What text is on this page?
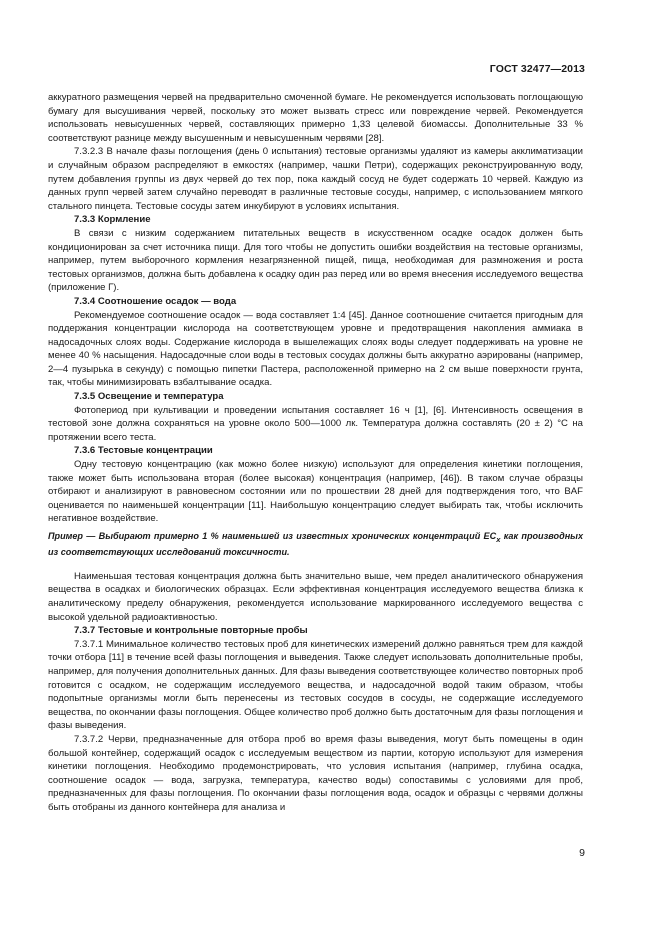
ГОСТ 32477—2013

аккуратного размещения червей на предварительно смоченной бумаге. Не рекомендуется использовать поглощающую бумагу для высушивания червей, поскольку это может вызвать стресс или повреждение червей. Рекомендуется использовать невысушенных червей, составляющих примерно 1,33 целевой биомассы. Дополнительные 33 % соответствуют разнице между высушенным и невысушенным червями [28].

7.3.2.3 В начале фазы поглощения (день 0 испытания) тестовые организмы удаляют из камеры акклиматизации и случайным образом распределяют в емкостях (например, чашки Петри), содержащих реконструированную воду, путем добавления группы из двух червей до тех пор, пока каждый сосуд не будет содержать 10 червей. Каждую из данных групп червей затем случайно переводят в различные тестовые сосуды, например, с использованием мягкого стального пинцета. Тестовые сосуды затем инкубируют в условиях испытания.

7.3.3 Кормление

В связи с низким содержанием питательных веществ в искусственном осадке осадок должен быть кондиционирован за счет источника пищи. Для того чтобы не допустить ошибки воздействия на тестовые организмы, например, путем выборочного кормления незагрязненной пищей, пища, необходимая для размножения и роста тестовых организмов, должна быть добавлена к осадку один раз перед или во время внесения исследуемого вещества (приложение Г).

7.3.4 Соотношение осадок — вода

Рекомендуемое соотношение осадок — вода составляет 1:4 [45]. Данное соотношение считается пригодным для поддержания концентрации кислорода на соответствующем уровне и предотвращения накопления аммиака в надосадочных слоях воды. Содержание кислорода в вышележащих слоях воды следует поддерживать на уровне не менее 40 % насыщения. Надосадочные слои воды в тестовых сосудах должны быть аккуратно аэрированы (например, 2—4 пузырька в секунду) с помощью пипетки Пастера, расположенной примерно на 2 см выше поверхности грунта, так, чтобы минимизировать взбалтывание осадка.

7.3.5 Освещение и температура

Фотопериод при культивации и проведении испытания составляет 16 ч [1], [6]. Интенсивность освещения в тестовой зоне должна сохраняться на уровне около 500—1000 лк. Температура должна составлять (20 ± 2) °С на протяжении всего теста.

7.3.6 Тестовые концентрации

Одну тестовую концентрацию (как можно более низкую) используют для определения кинетики поглощения, также может быть использована вторая (более высокая) концентрация (например, [46]). В таком случае образцы отбирают и анализируют в равновесном состоянии или по прошествии 28 дней для подтверждения того, что BAF оценивается по наименьшей концентрации [11]. Наибольшую концентрацию следует выбирать так, чтобы исключить негативное воздействие.

Пример — Выбирают примерно 1 % наименьшей из известных хронических концентраций $EC_x$ как производных из соответствующих исследований токсичности.

Наименьшая тестовая концентрация должна быть значительно выше, чем предел аналитического обнаружения вещества в осадках и биологических образцах. Если эффективная концентрация исследуемого вещества близка к аналитическому пределу обнаружения, рекомендуется использование маркированного исследуемого вещества с высокой удельной радиоактивностью.

7.3.7 Тестовые и контрольные повторные пробы

7.3.7.1 Минимальное количество тестовых проб для кинетических измерений должно равняться трем для каждой точки отбора [11] в течение всей фазы поглощения и выведения. Также следует использовать дополнительные пробы, например, для получения дополнительных данных. Для фазы выведения соответствующее количество повторных проб готовится с осадком, не содержащим исследуемого вещества, и надосадочной водой таким образом, чтобы подопытные организмы могли быть перенесены из тестовых сосудов в сосуды, не содержащие исследуемого вещества, по окончании фазы поглощения. Общее количество проб должно быть достаточным для фазы поглощения и фазы выведения.

7.3.7.2 Черви, предназначенные для отбора проб во время фазы выведения, могут быть помещены в один большой контейнер, содержащий осадок с исследуемым веществом из партии, которую используют для измерения кинетики поглощения. Необходимо продемонстрировать, что условия испытания (например, глубина осадка, соотношение осадок — вода, загрузка, температура, качество воды) сопоставимы с условиями для проб, предназначенных для фазы поглощения. По окончании фазы поглощения вода, осадок и образцы с червями должны быть отобраны из данного контейнера для анализа и

9
